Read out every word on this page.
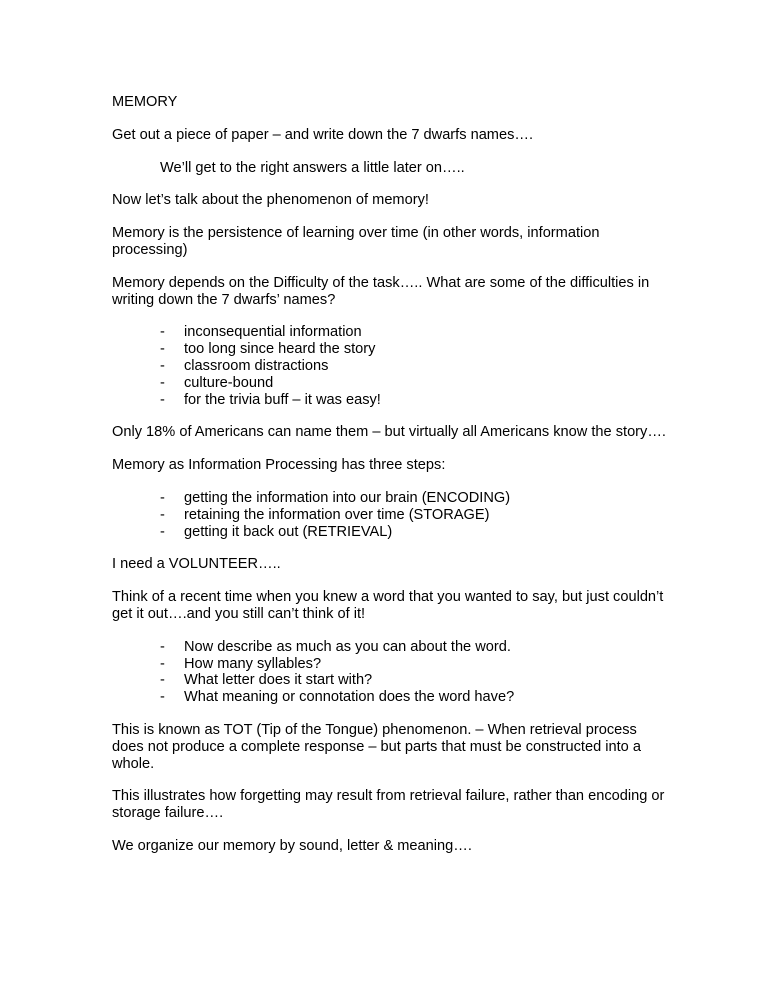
MEMORY

Get out a piece of paper – and write down the 7 dwarfs names….

We’ll get to the right answers a little later on…..

Now let’s talk about the phenomenon of memory!

Memory is the persistence of learning over time (in other words, information processing)

Memory depends on the Difficulty of the task….. What are some of the difficulties in writing down the 7 dwarfs’ names?

- inconsequential information
- too long since heard the story
- classroom distractions
- culture-bound
- for the trivia buff – it was easy!

Only 18% of Americans can name them – but virtually all Americans know the story….

Memory as Information Processing has three steps:

- getting the information into our brain (ENCODING)
- retaining the information over time (STORAGE)
- getting it back out (RETRIEVAL)

I need a VOLUNTEER…..

Think of a recent time when you knew a word that you wanted to say, but just couldn’t get it out….and you still can’t think of it!

- Now describe as much as you can about the word.
- How many syllables?
- What letter does it start with?
- What meaning or connotation does the word have?

This is known as TOT (Tip of the Tongue) phenomenon. – When retrieval process does not produce a complete response – but parts that must be constructed into a whole.

This illustrates how forgetting may result from retrieval failure, rather than encoding or storage failure….

We organize our memory by sound, letter & meaning….
